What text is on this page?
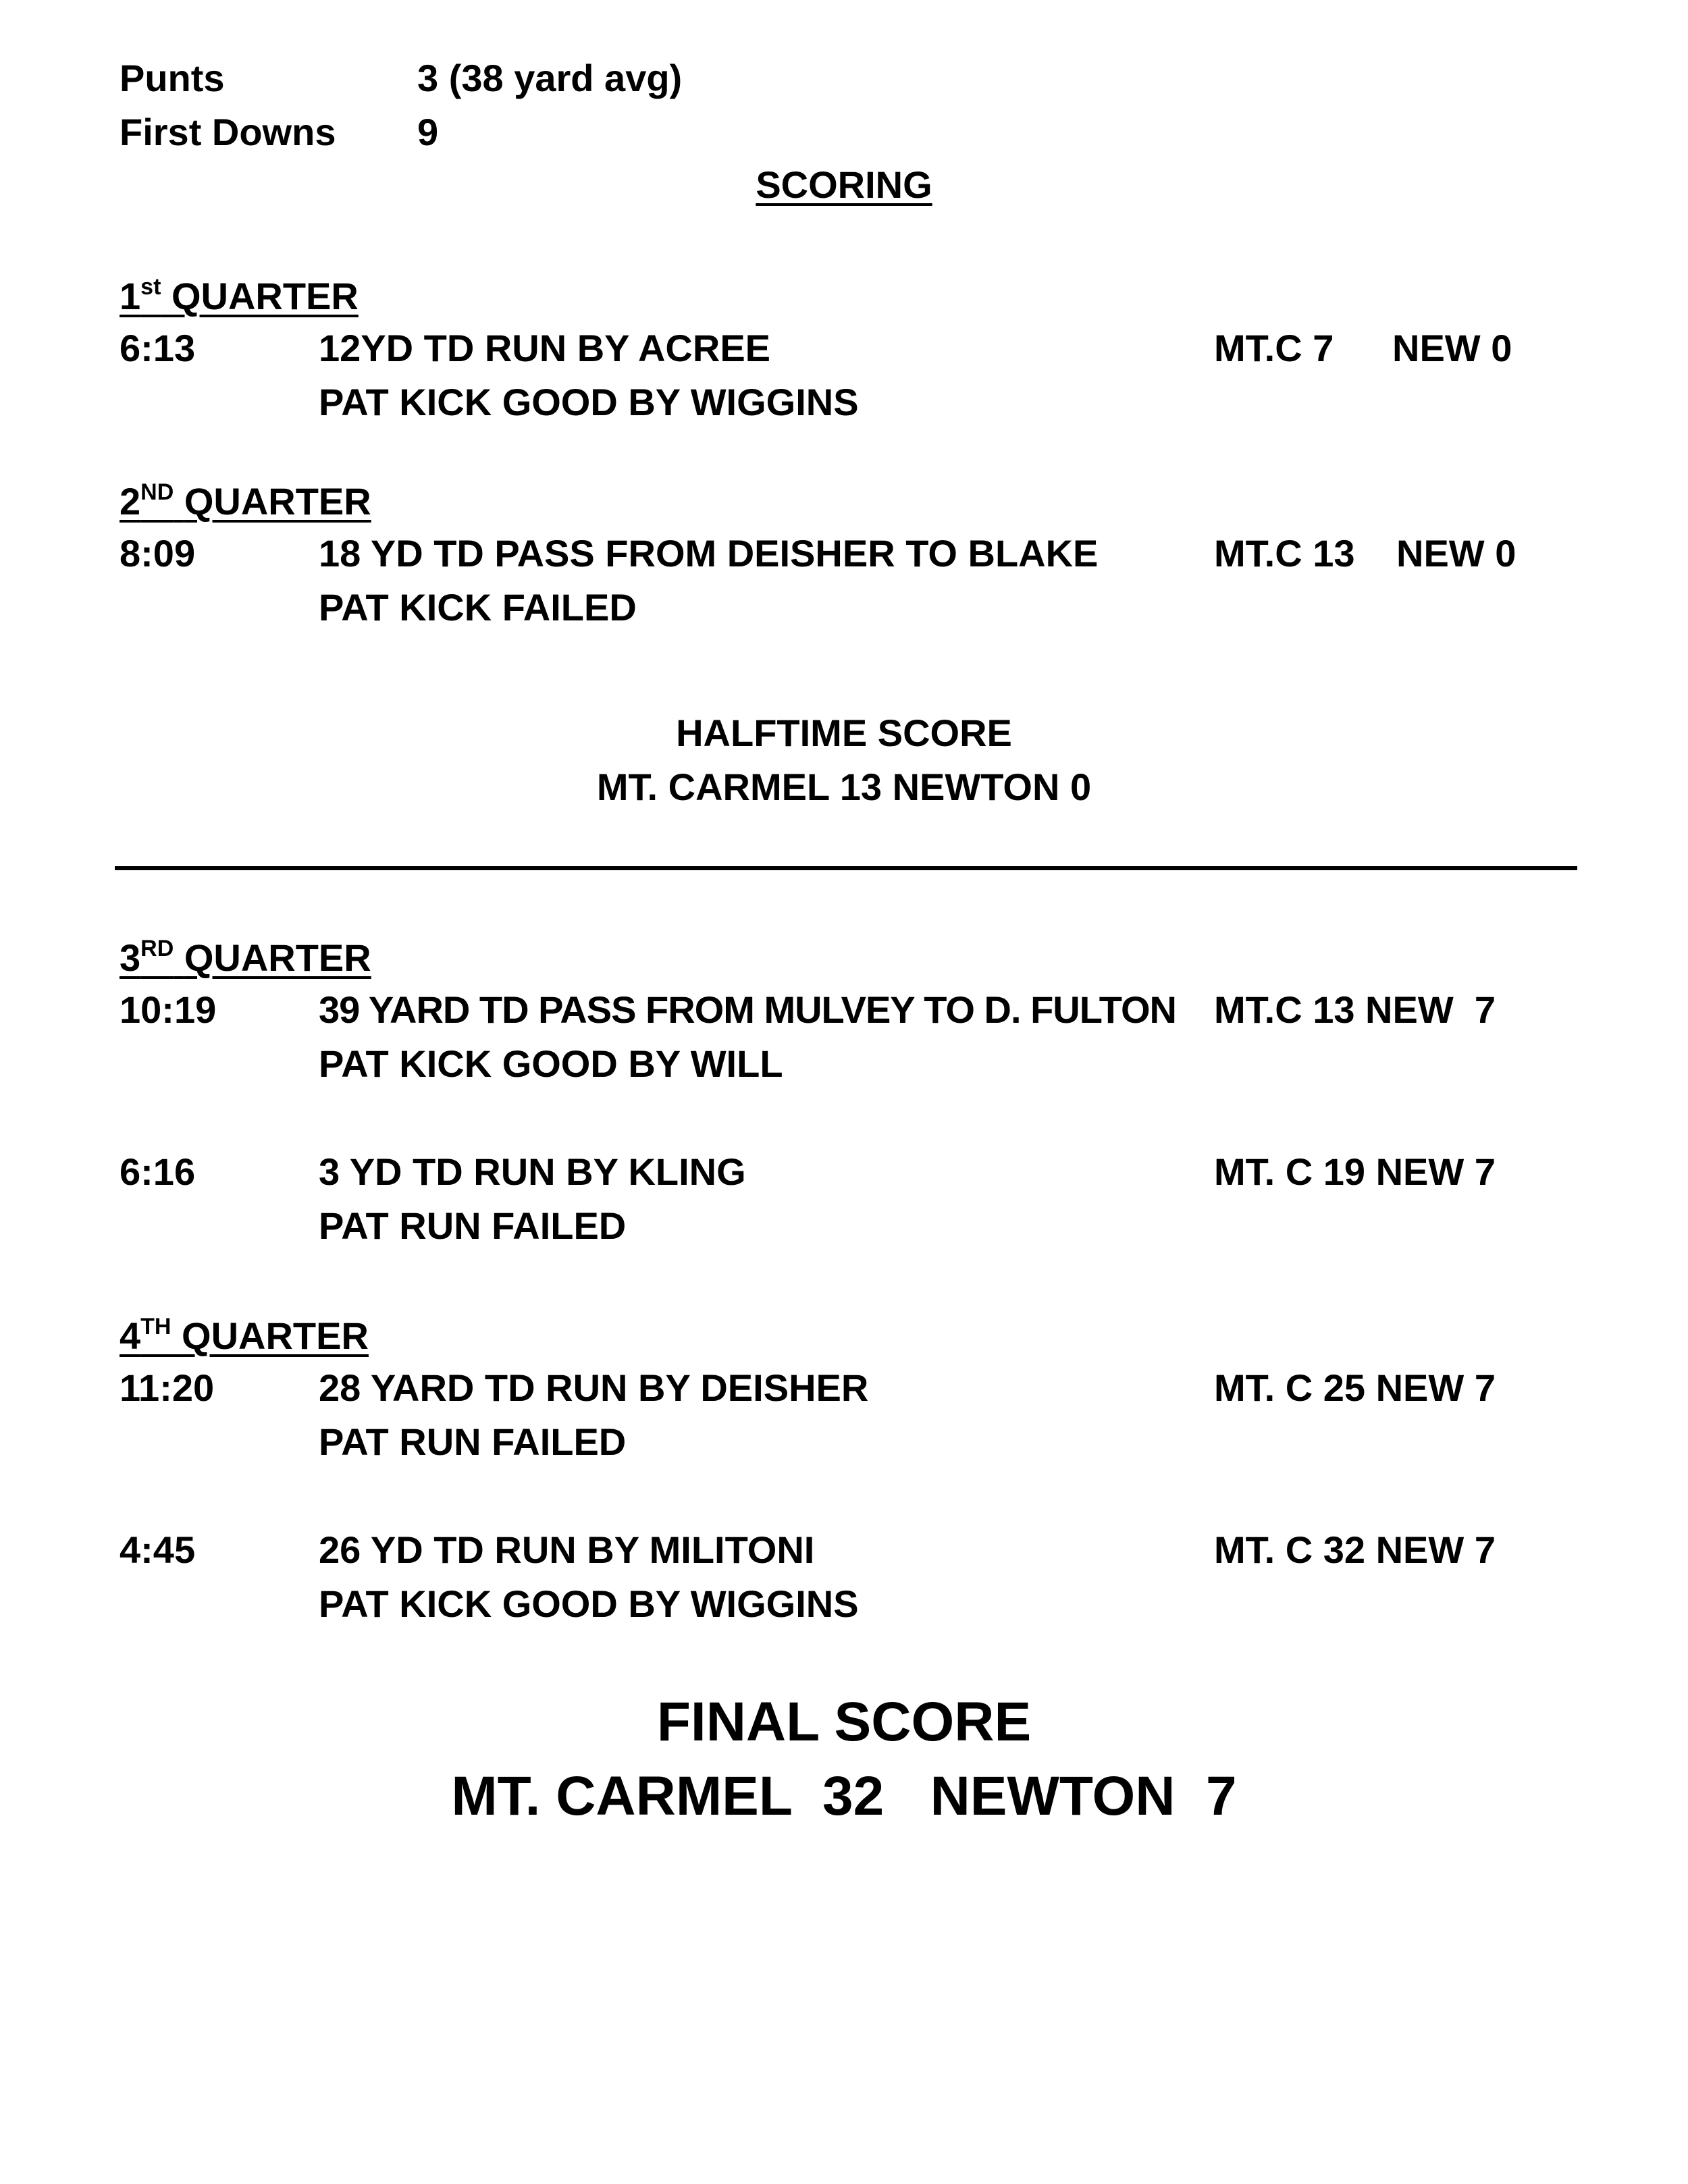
Punts	3 (38 yard avg)
First Downs 9
SCORING
1st QUARTER
6:13	12YD TD RUN BY ACREE	MT.C 7 NEW 0
PAT KICK GOOD BY WIGGINS
2ND QUARTER
8:09	18 YD TD PASS FROM DEISHER TO BLAKE	MT.C 13 NEW 0
PAT KICK FAILED
HALFTIME SCORE
MT. CARMEL 13 NEWTON 0
3RD QUARTER
10:19	39 YARD TD PASS FROM MULVEY TO D. FULTON MT.C 13 NEW  7
PAT KICK GOOD BY WILL
6:16	3 YD TD RUN BY KLING	MT. C 19 NEW 7
PAT RUN FAILED
4TH QUARTER
11:20	28 YARD TD RUN BY DEISHER	MT. C 25 NEW 7
PAT RUN FAILED
4:45	26 YD TD RUN BY MILITONI	MT. C 32 NEW 7
PAT KICK GOOD BY WIGGINS
FINAL SCORE
MT. CARMEL  32   NEWTON  7
